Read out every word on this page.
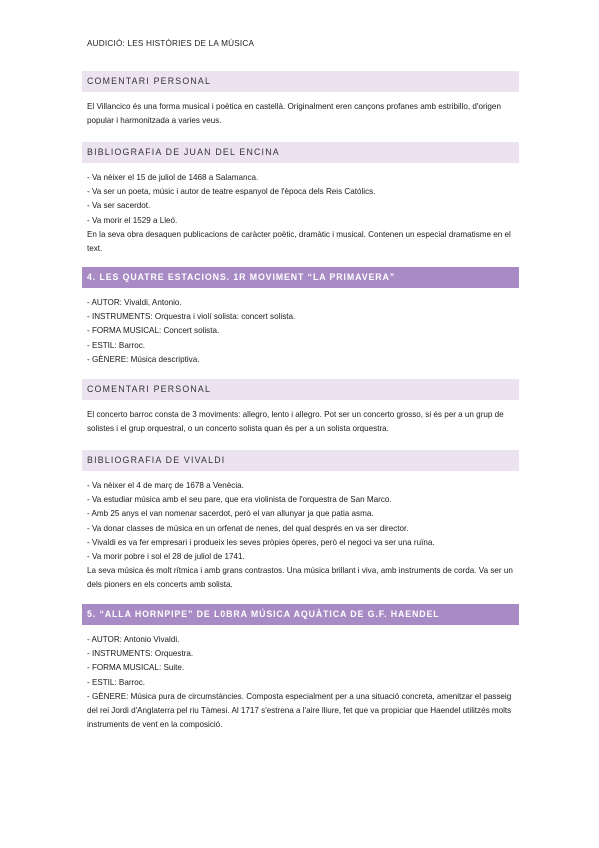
AUDICIÓ: LES HISTÒRIES DE LA MÚSICA
COMENTARI PERSONAL
El Villancico és una forma musical i poètica en castellà. Originalment eren cançons profanes amb estribillo, d'origen popular i harmonitzada a varies veus.
BIBLIOGRAFIA DE JUAN DEL ENCINA
- Va nèixer el 15 de juliol de 1468 a Salamanca.
- Va ser un poeta, músic i autor de teatre espanyol de l'època dels Reis Católics.
- Va ser sacerdot.
- Va morir el 1529 a Lleó.
En la seva obra desaquen publicacions de caràcter poètic, dramàtic i musical. Contenen un especial dramatisme en el text.
4. LES QUATRE ESTACIONS. 1R MOVIMENT “LA PRIMAVERA”
- AUTOR: Vivaldi, Antonio.
- INSTRUMENTS: Orquestra i violí solista: concert solista.
- FORMA MUSICAL: Concert solista.
- ESTIL: Barroc.
- GÈNERE: Música descriptiva.
COMENTARI PERSONAL
El concerto barroc consta de 3 moviments: allegro, lento i allegro. Pot ser un concerto grosso, si és per a un grup de solistes i el grup orquestral, o un concerto solista quan és per a un solista orquestra.
BIBLIOGRAFIA DE VIVALDI
- Va nèixer el 4 de març de 1678 a Venècia.
- Va estudiar música amb el seu pare, que era violinista de l'orquestra de San Marco.
- Amb 25 anys el van nomenar sacerdot, però el van allunyar ja que patia asma.
- Va donar classes de música en un orfenat de nenes, del qual després en va ser director.
- Vivaldi es va fer empresari i produeix les seves pròpies òperes, però el negoci va ser una ruïna.
- Va morir pobre i sol el 28 de juliol de 1741.
La seva música és molt rítmica i amb grans contrastos. Una música brillant i viva, amb instruments de corda. Va ser un dels pioners en els concerts amb solista.
5. “ALLA HORNPIPE” DE L0BRA MÚSICA AQUÀTICA DE G.F. HAENDEL
- AUTOR: Antonio Vivaldi.
- INSTRUMENTS: Orquestra.
- FORMA MUSICAL: Suite.
- ESTIL: Barroc.
- GÈNERE: Música pura de circumstàncies. Composta especialment per a una situació concreta, amenitzar el passeig del rei Jordi d'Anglaterra pel riu Tàmesi. Al 1717 s'estrena a l'aire lliure, fet que va propiciar que Haendel utilitzés molts instruments de vent en la composició.
